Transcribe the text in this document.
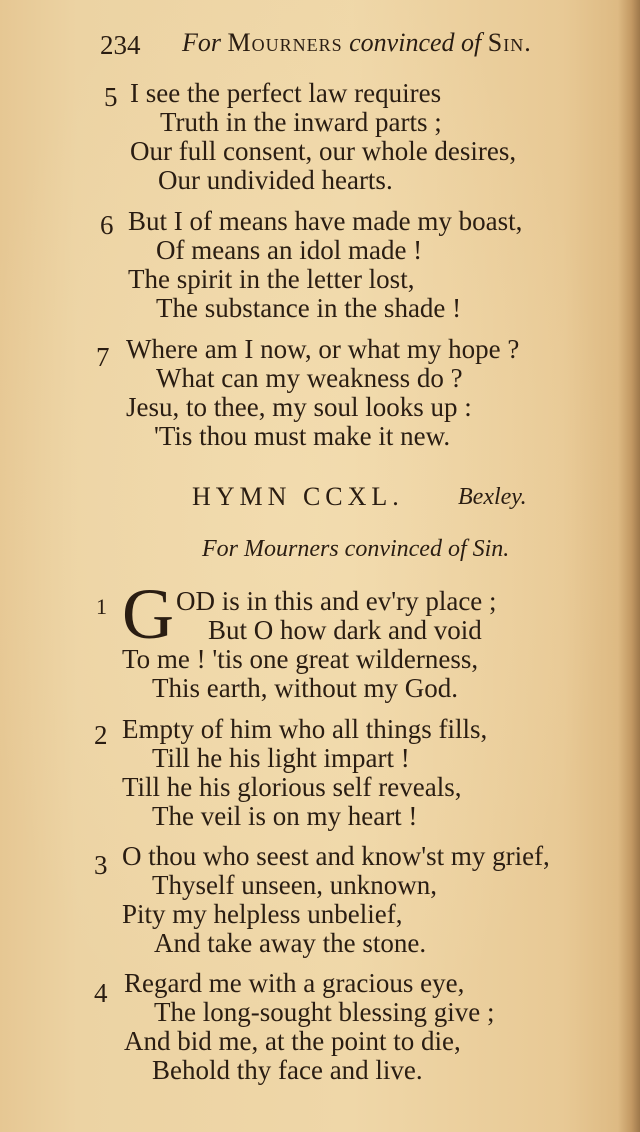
234 For Mourners convinced of Sin.
5 I see the perfect law requires
Truth in the inward parts ;
Our full consent, our whole desires,
Our undivided hearts.
6 But I of means have made my boast,
Of means an idol made !
The spirit in the letter lost,
The substance in the shade !
7 Where am I now, or what my hope ?
What can my weakness do ?
Jesu, to thee, my soul looks up :
'Tis thou must make it new.
HYMN CCXL. Bexley.
For Mourners convinced of Sin.
1 G OD is in this and ev'ry place ;
But O how dark and void
To me ! 'tis one great wilderness,
This earth, without my God.
2 Empty of him who all things fills,
Till he his light impart !
Till he his glorious self reveals,
The veil is on my heart !
3 O thou who seest and know'st my grief,
Thyself unseen, unknown,
Pity my helpless unbelief,
And take away the stone.
4 Regard me with a gracious eye,
The long-sought blessing give ;
And bid me, at the point to die,
Behold thy face and live.
